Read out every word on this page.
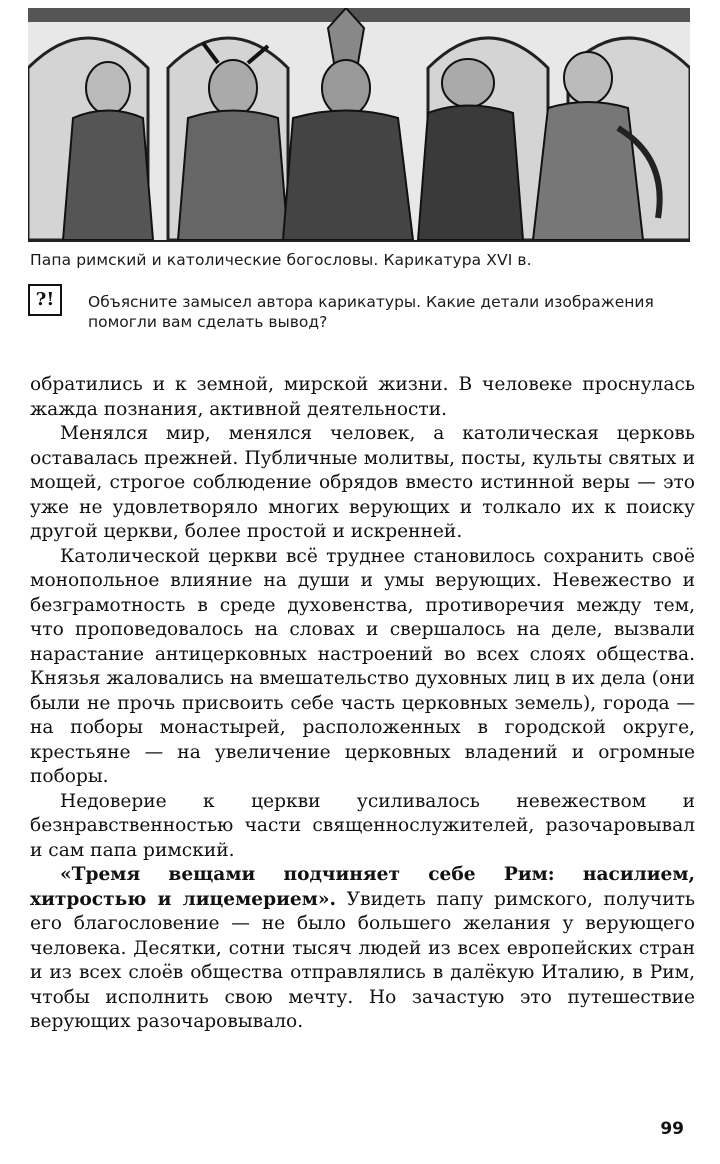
Папа римский и католические богословы. Карикатура XVI в.
?!	Объясните замысел автора карикатуры. Какие детали изображения помогли вам сделать вывод?

обратились и к земной, мирской жизни. В человеке проснулась жажда познания, активной деятельности.

Менялся мир, менялся человек, а католическая церковь оставалась прежней. Публичные молитвы, посты, культы святых и мощей, строгое соблюдение обрядов вместо истинной веры — это уже не удовлетворяло многих верующих и толкало их к поиску другой церкви, более простой и искренней.

Католической церкви всё труднее становилось сохранить своё монопольное влияние на души и умы верующих. Невежество и безграмотность в среде духовенства, противоречия между тем, что проповедовалось на словах и свершалось на деле, вызвали нарастание антицерковных настроений во всех слоях общества. Князья жаловались на вмешательство духовных лиц в их дела (они были не прочь присвоить себе часть церковных земель), города — на поборы монастырей, расположенных в городской округе, крестьяне — на увеличение церковных владений и огромные поборы.

Недоверие к церкви усиливалось невежеством и безнравственностью части священнослужителей, разочаровывал и сам папа римский.

«Тремя вещами подчиняет себе Рим: насилием, хитростью и лицемерием». Увидеть папу римского, получить его благословение — не было большего желания у верующего человека. Десятки, сотни тысяч людей из всех европейских стран и из всех слоёв общества отправлялись в далёкую Италию, в Рим, чтобы исполнить свою мечту. Но зачастую это путешествие верующих разочаровывало.

99
